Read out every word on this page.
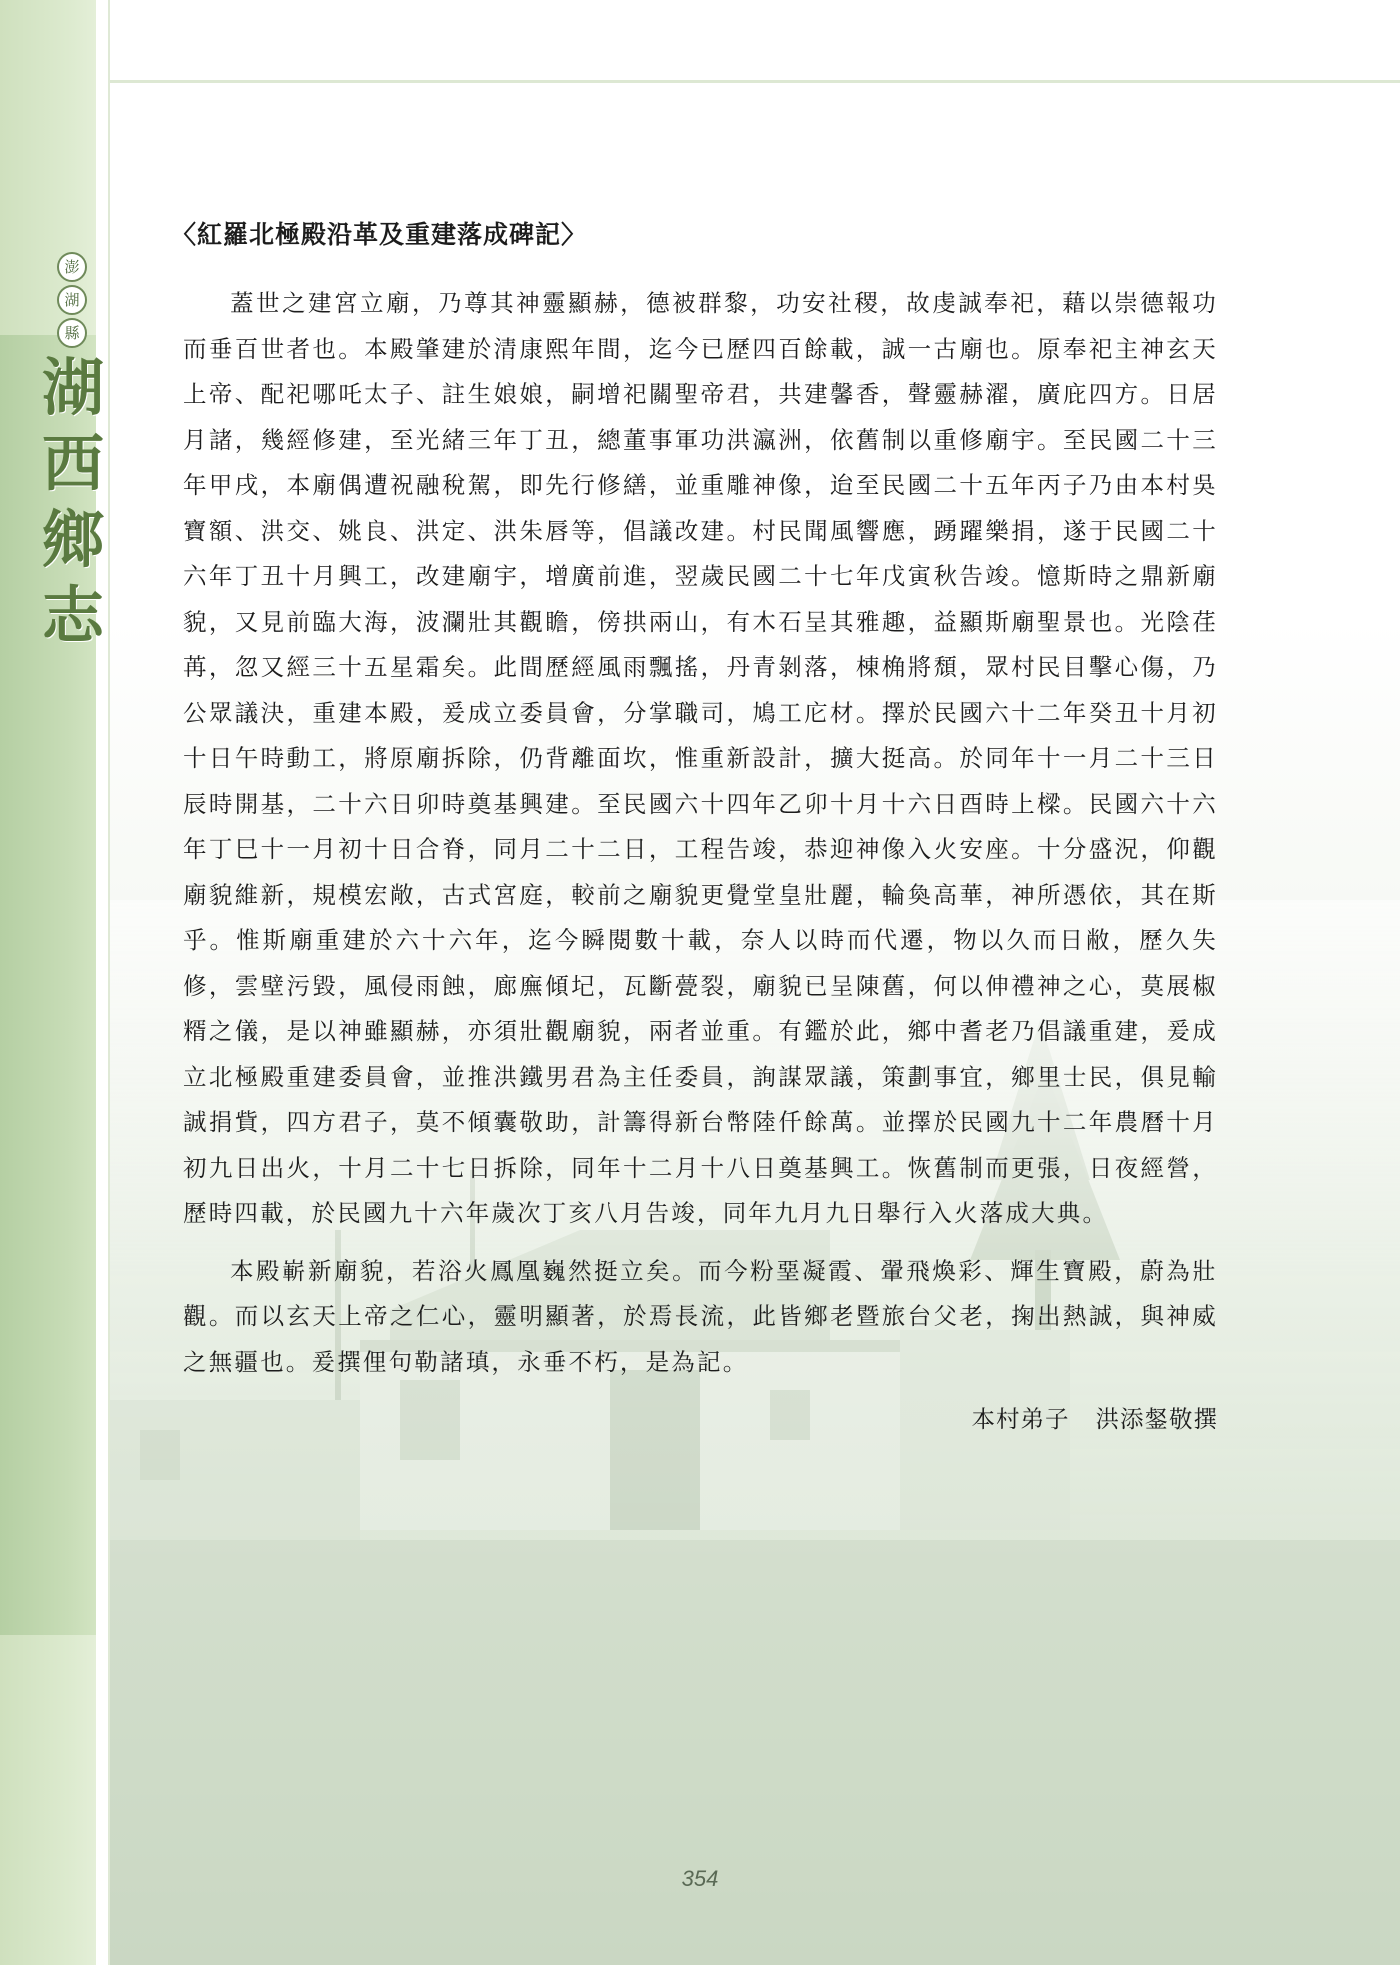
澎
湖
縣
湖
西
鄉
志
〈紅羅北極殿沿革及重建落成碑記〉

蓋世之建宮立廟，乃尊其神靈顯赫，德被群黎，功安社稷，故虔誠奉祀，藉以崇德報功而垂百世者也。本殿肇建於清康熙年間，迄今已歷四百餘載，誠一古廟也。原奉祀主神玄天上帝、配祀哪吒太子、註生娘娘，嗣增祀關聖帝君，共建馨香，聲靈赫濯，廣庇四方。日居月諸，幾經修建，至光緒三年丁丑，總董事軍功洪瀛洲，依舊制以重修廟宇。至民國二十三年甲戌，本廟偶遭祝融稅駕，即先行修繕，並重雕神像，迨至民國二十五年丙子乃由本村吳寶額、洪交、姚良、洪定、洪朱唇等，倡議改建。村民聞風響應，踴躍樂捐，遂于民國二十六年丁丑十月興工，改建廟宇，增廣前進，翌歲民國二十七年戊寅秋告竣。憶斯時之鼎新廟貌，又見前臨大海，波瀾壯其觀瞻，傍拱兩山，有木石呈其雅趣，益顯斯廟聖景也。光陰荏苒，忽又經三十五星霜矣。此間歷經風雨飄搖，丹青剝落，棟桷將頹，眾村民目擊心傷，乃公眾議決，重建本殿，爰成立委員會，分掌職司，鳩工庀材。擇於民國六十二年癸丑十月初十日午時動工，將原廟拆除，仍背離面坎，惟重新設計，擴大挺高。於同年十一月二十三日辰時開基，二十六日卯時奠基興建。至民國六十四年乙卯十月十六日酉時上樑。民國六十六年丁巳十一月初十日合脊，同月二十二日，工程告竣，恭迎神像入火安座。十分盛況，仰觀廟貌維新，規模宏敞，古式宮庭，較前之廟貌更覺堂皇壯麗，輪奐高華，神所憑依，其在斯乎。惟斯廟重建於六十六年，迄今瞬閱數十載，奈人以時而代遷，物以久而日敝，歷久失修，雲壁污毀，風侵雨蝕，廊廡傾圮，瓦斷甍裂，廟貌已呈陳舊，何以伸禮神之心，莫展椒糈之儀，是以神雖顯赫，亦須壯觀廟貌，兩者並重。有鑑於此，鄉中耆老乃倡議重建，爰成立北極殿重建委員會，並推洪鐵男君為主任委員，詢謀眾議，策劃事宜，鄉里士民，俱見輸誠捐貲，四方君子，莫不傾囊敬助，計籌得新台幣陸仟餘萬。並擇於民國九十二年農曆十月初九日出火，十月二十七日拆除，同年十二月十八日奠基興工。恢舊制而更張，日夜經營，歷時四載，於民國九十六年歲次丁亥八月告竣，同年九月九日舉行入火落成大典。

本殿嶄新廟貌，若浴火鳳凰巍然挺立矣。而今粉堊凝霞、翬飛煥彩、輝生寶殿，蔚為壯觀。而以玄天上帝之仁心，靈明顯著，於焉長流，此皆鄉老暨旅台父老，掬出熱誠，與神威之無疆也。爰撰俚句勒諸瑱，永垂不朽，是為記。

本村弟子 洪添錖敬撰
354
